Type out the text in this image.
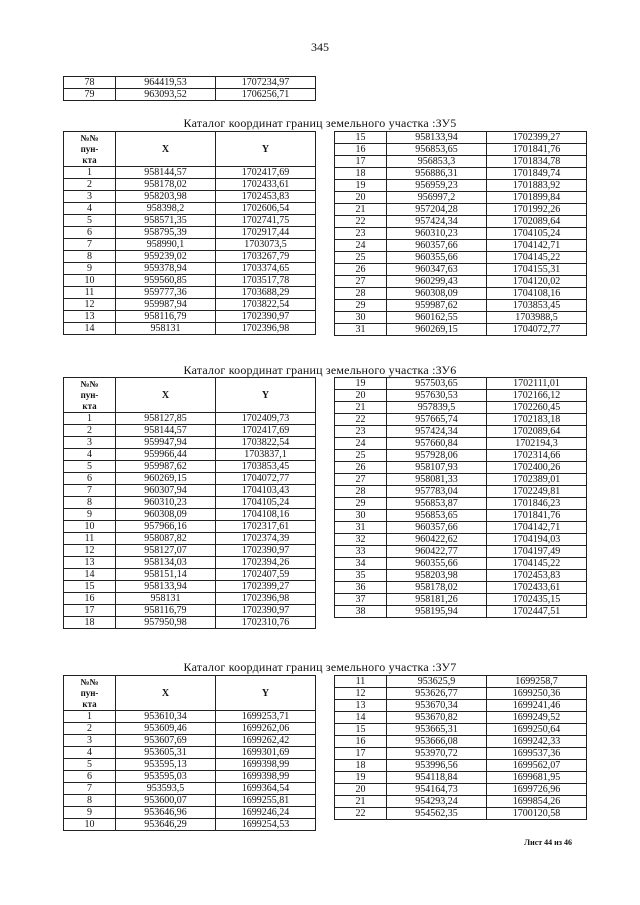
345
78	964419,53	1707234,97
79	963093,52	1706256,71
Каталог координат границ земельного участка :ЗУ5
№№
пун-
кта	X	Y
1	958144,57	1702417,69
2	958178,02	1702433,61
3	958203,98	1702453,83
4	958398,2	1702606,54
5	958571,35	1702741,75
6	958795,39	1702917,44
7	958990,1	1703073,5
8	959239,02	1703267,79
9	959378,94	1703374,65
10	959560,85	1703517,78
11	959777,36	1703688,29
12	959987,94	1703822,54
13	958116,79	1702390,97
14	958131	1702396,98
15	958133,94	1702399,27
16	956853,65	1701841,76
17	956853,3	1701834,78
18	956886,31	1701849,74
19	956959,23	1701883,92
20	956997,2	1701899,84
21	957204,28	1701992,26
22	957424,34	1702089,64
23	960310,23	1704105,24
24	960357,66	1704142,71
25	960355,66	1704145,22
26	960347,63	1704155,31
27	960299,43	1704120,02
28	960308,09	1704108,16
29	959987,62	1703853,45
30	960162,55	1703988,5
31	960269,15	1704072,77
Каталог координат границ земельного участка :ЗУ6
№№
пун-
кта	X	Y
1	958127,85	1702409,73
2	958144,57	1702417,69
3	959947,94	1703822,54
4	959966,44	1703837,1
5	959987,62	1703853,45
6	960269,15	1704072,77
7	960307,94	1704103,43
8	960310,23	1704105,24
9	960308,09	1704108,16
10	957966,16	1702317,61
11	958087,82	1702374,39
12	958127,07	1702390,97
13	958134,03	1702394,26
14	958151,14	1702407,59
15	958133,94	1702399,27
16	958131	1702396,98
17	958116,79	1702390,97
18	957950,98	1702310,76
19	957503,65	1702111,01
20	957630,53	1702166,12
21	957839,5	1702260,45
22	957665,74	1702183,18
23	957424,34	1702089,64
24	957660,84	1702194,3
25	957928,06	1702314,66
26	958107,93	1702400,26
27	958081,33	1702389,01
28	957783,04	1702249,81
29	956853,87	1701846,23
30	956853,65	1701841,76
31	960357,66	1704142,71
32	960422,62	1704194,03
33	960422,77	1704197,49
34	960355,66	1704145,22
35	958203,98	1702453,83
36	958178,02	1702433,61
37	958181,26	1702435,15
38	958195,94	1702447,51
Каталог координат границ земельного участка :ЗУ7
№№
пун-
кта	X	Y
1	953610,34	1699253,71
2	953609,46	1699262,06
3	953607,69	1699262,42
4	953605,31	1699301,69
5	953595,13	1699398,99
6	953595,03	1699398,99
7	953593,5	1699364,54
8	953600,07	1699255,81
9	953646,96	1699246,24
10	953646,29	1699254,53
11	953625,9	1699258,7
12	953626,77	1699250,36
13	953670,34	1699241,46
14	953670,82	1699249,52
15	953665,31	1699250,64
16	953666,08	1699242,33
17	953970,72	1699537,36
18	953996,56	1699562,07
19	954118,84	1699681,95
20	954164,73	1699726,96
21	954293,24	1699854,26
22	954562,35	1700120,58
Лист 44 из 46
